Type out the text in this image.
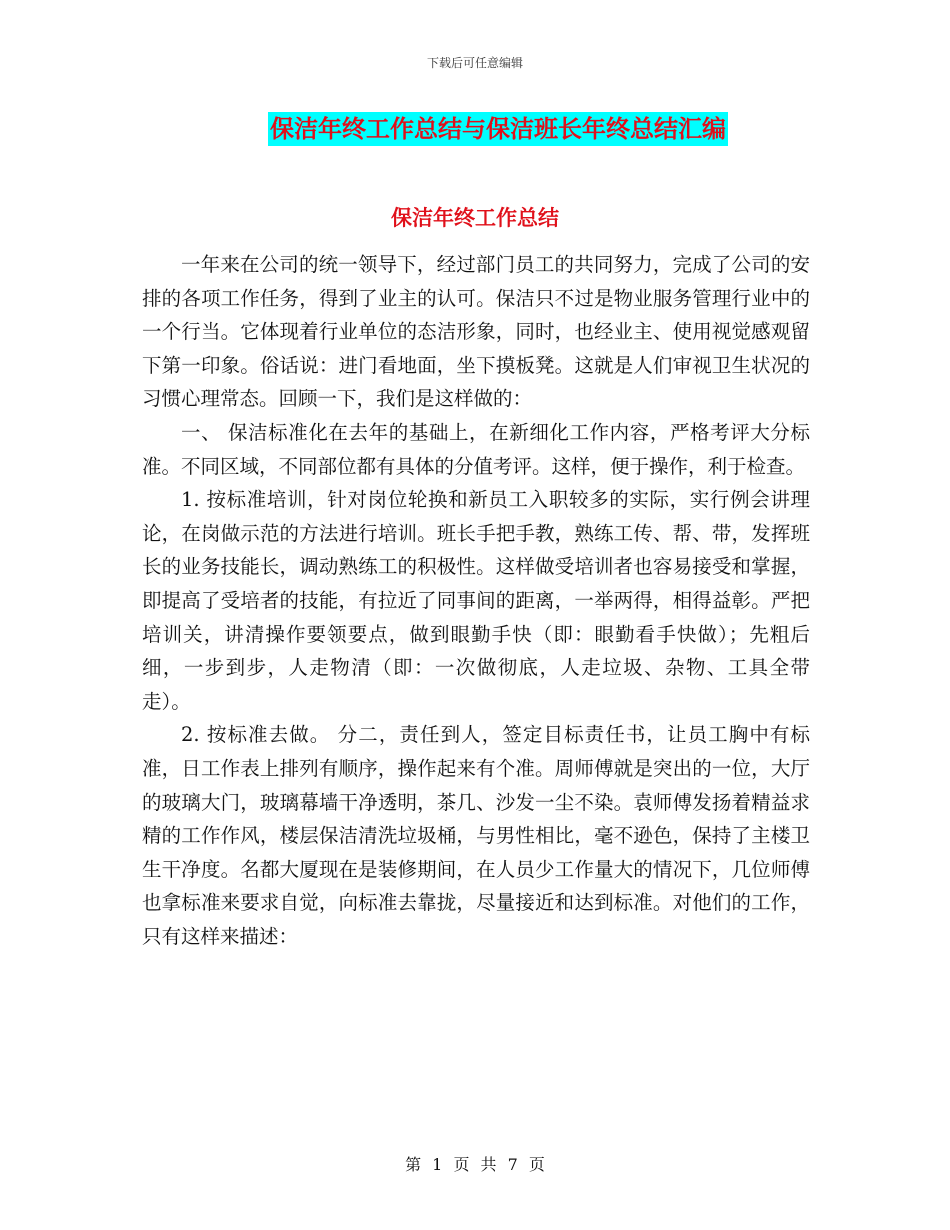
下载后可任意编辑
保洁年终工作总结与保洁班长年终总结汇编
保洁年终工作总结

一年来在公司的统一领导下，经过部门员工的共同努力，完成了公司的安排的各项工作任务，得到了业主的认可。保洁只不过是物业服务管理行业中的一个行当。它体现着行业单位的态洁形象，同时，也经业主、使用视觉感观留下第一印象。俗话说：进门看地面，坐下摸板凳。这就是人们审视卫生状况的习惯心理常态。回顾一下，我们是这样做的：

一、 保洁标准化在去年的基础上，在新细化工作内容，严格考评大分标准。不同区域，不同部位都有具体的分值考评。这样，便于操作，利于检查。

1. 按标准培训，针对岗位轮换和新员工入职较多的实际，实行例会讲理论，在岗做示范的方法进行培训。班长手把手教，熟练工传、帮、带，发挥班长的业务技能长，调动熟练工的积极性。这样做受培训者也容易接受和掌握，即提高了受培者的技能，有拉近了同事间的距离，一举两得，相得益彰。严把培训关，讲清操作要领要点，做到眼勤手快（即：眼勤看手快做）；先粗后细，一步到步，人走物清（即：一次做彻底，人走垃圾、杂物、工具全带走）。

2. 按标准去做。 分二，责任到人，签定目标责任书，让员工胸中有标准，日工作表上排列有顺序，操作起来有个准。周师傅就是突出的一位，大厅的玻璃大门，玻璃幕墙干净透明，茶几、沙发一尘不染。袁师傅发扬着精益求精的工作作风，楼层保洁清洗垃圾桶，与男性相比，毫不逊色，保持了主楼卫生干净度。名都大厦现在是装修期间，在人员少工作量大的情况下，几位师傅也拿标准来要求自觉，向标准去靠拢，尽量接近和达到标准。对他们的工作，只有这样来描述：

第 1 页 共 7 页
